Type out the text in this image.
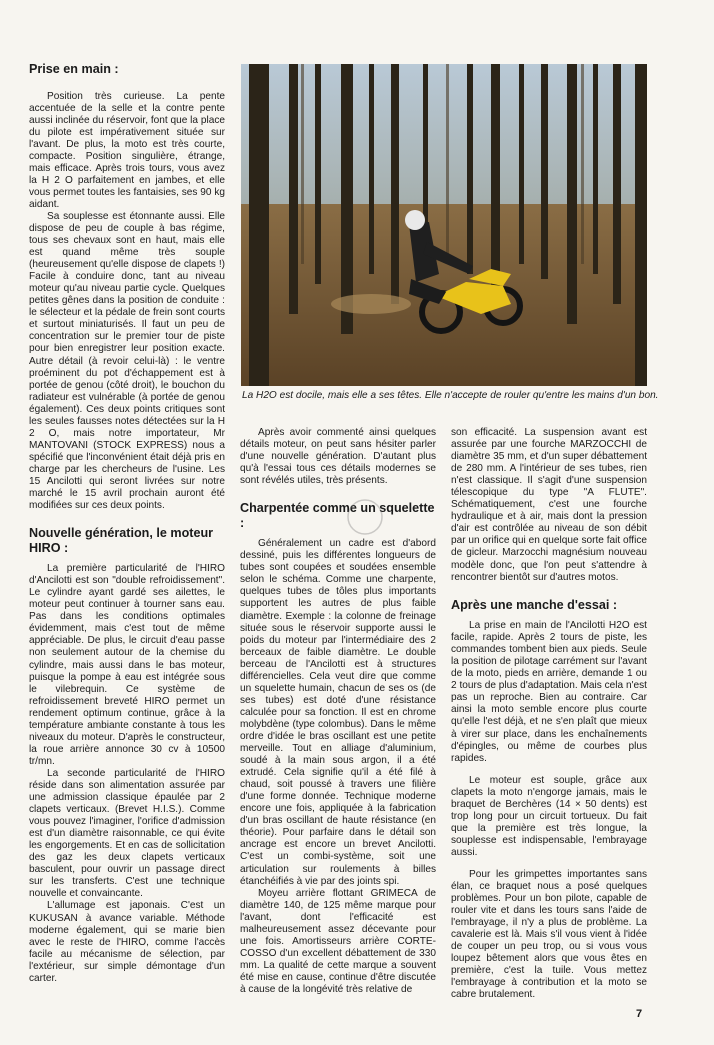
Prise en main :

Position très curieuse. La pente accentuée de la selle et la contre pente aussi inclinée du réservoir, font que la place du pilote est impérativement située sur l'avant. De plus, la moto est très courte, compacte. Position singulière, étrange, mais efficace. Après trois tours, vous avez la H 2 O parfaitement en jambes, et elle vous permet toutes les fantaisies, ses 90 kg aidant.

Sa souplesse est étonnante aussi. Elle dispose de peu de couple à bas régime, tous ses chevaux sont en haut, mais elle est quand même très souple (heureusement qu'elle dispose de clapets !) Facile à conduire donc, tant au niveau moteur qu'au niveau partie cycle. Quelques petites gênes dans la position de conduite : le sélecteur et la pédale de frein sont courts et surtout miniaturisés. Il faut un peu de concentration sur le premier tour de piste pour bien enregistrer leur position exacte. Autre détail (à revoir celui-là) : le ventre proéminent du pot d'échappement est à portée de genou (côté droit), le bouchon du radiateur est vulnérable (à portée de genou également). Ces deux points critiques sont les seules fausses notes détectées sur la H 2 O, mais notre importateur, Mr MANTOVANI (STOCK EXPRESS) nous a spécifié que l'inconvénient était déjà pris en charge par les chercheurs de l'usine. Les 15 Ancilotti qui seront livrées sur notre marché le 15 avril prochain auront été modifiées sur ces deux points.

Nouvelle génération, le moteur HIRO :

La première particularité de l'HIRO d'Ancilotti est son "double refroidissement". Le cylindre ayant gardé ses ailettes, le moteur peut continuer à tourner sans eau. Pas dans les conditions optimales évidemment, mais c'est tout de même appréciable. De plus, le circuit d'eau passe non seulement autour de la chemise du cylindre, mais aussi dans le bas moteur, puisque la pompe à eau est intégrée sous le vilebrequin. Ce système de refroidissement breveté HIRO permet un rendement optimum continue, grâce à la température ambiante constante à tous les niveaux du moteur. D'après le constructeur, la roue arrière annonce 30 cv à 10500 tr/mn.

La seconde particularité de l'HIRO réside dans son alimentation assurée par une admission classique épaulée par 2 clapets verticaux. (Brevet H.I.S.). Comme vous pouvez l'imaginer, l'orifice d'admission est d'un diamètre raisonnable, ce qui évite les engorgements. Et en cas de sollicitation des gaz les deux clapets verticaux basculent, pour ouvrir un passage direct sur les transferts. C'est une technique nouvelle et convaincante.

L'allumage est japonais. C'est un KUKUSAN à avance variable. Méthode moderne également, qui se marie bien avec le reste de l'HIRO, comme l'accès facile au mécanisme de sélection, par l'extérieur, sur simple démontage d'un carter.

La H2O est docile, mais elle a ses têtes. Elle n'accepte de rouler qu'entre les mains d'un bon.

Après avoir commenté ainsi quelques détails moteur, on peut sans hésiter parler d'une nouvelle génération. D'autant plus qu'à l'essai tous ces détails modernes se sont révélés utiles, très présents.

Charpentée comme un squelette :

Généralement un cadre est d'abord dessiné, puis les différentes longueurs de tubes sont coupées et soudées ensemble selon le schéma. Comme une charpente, quelques tubes de tôles plus importants supportent les autres de plus faible diamètre. Exemple : la colonne de freinage située sous le réservoir supporte aussi le poids du moteur par l'intermédiaire des 2 berceaux de faible diamètre. Le double berceau de l'Ancilotti est à structures différencielles. Cela veut dire que comme un squelette humain, chacun de ses os (de ses tubes) est doté d'une résistance calculée pour sa fonction. Il est en chrome molybdène (type colombus). Dans le même ordre d'idée le bras oscillant est une petite merveille. Tout en alliage d'aluminium, soudé à la main sous argon, il a été extrudé. Cela signifie qu'il a été filé à chaud, soit poussé à travers une filière d'une forme donnée. Technique moderne encore une fois, appliquée à la fabrication d'un bras oscillant de haute résistance (en théorie). Pour parfaire dans le détail son ancrage est encore un brevet Ancilotti. C'est un combi-système, soit une articulation sur roulements à billes étanchéifiés à vie par des joints spi.

Moyeu arrière flottant GRIMECA de diamètre 140, de 125 même marque pour l'avant, dont l'efficacité est malheureusement assez décevante pour une fois. Amortisseurs arrière CORTE-COSSO d'un excellent débattement de 330 mm. La qualité de cette marque a souvent été mise en cause, continue d'être discutée à cause de la longévité très relative de

son efficacité. La suspension avant est assurée par une fourche MARZOCCHI de diamètre 35 mm, et d'un super débattement de 280 mm. A l'intérieur de ses tubes, rien n'est classique. Il s'agit d'une suspension télescopique du type "A FLUTE". Schématiquement, c'est une fourche hydraulique et à air, mais dont la pression d'air est contrôlée au niveau de son débit par un orifice qui en quelque sorte fait office de gicleur. Marzocchi magnésium nouveau modèle donc, que l'on peut s'attendre à rencontrer bientôt sur d'autres motos.

Après une manche d'essai :

La prise en main de l'Ancilotti H2O est facile, rapide. Après 2 tours de piste, les commandes tombent bien aux pieds. Seule la position de pilotage carrément sur l'avant de la moto, pieds en arrière, demande 1 ou 2 tours de plus d'adaptation. Mais cela n'est pas un reproche. Bien au contraire. Car ainsi la moto semble encore plus courte qu'elle l'est déjà, et ne s'en plaît que mieux à virer sur place, dans les enchaînements d'épingles, ou même de courbes plus rapides.

Le moteur est souple, grâce aux clapets la moto n'engorge jamais, mais le braquet de Berchères (14 × 50 dents) est trop long pour un circuit tortueux. Du fait que la première est très longue, la souplesse est indispensable, l'embrayage aussi.

Pour les grimpettes importantes sans élan, ce braquet nous a posé quelques problèmes. Pour un bon pilote, capable de rouler vite et dans les tours sans l'aide de l'embrayage, il n'y a plus de problème. La cavalerie est là. Mais s'il vous vient à l'idée de couper un peu trop, ou si vous vous loupez bêtement alors que vous êtes en première, c'est la tuile. Vous mettez l'embrayage à contribution et la moto se cabre brutalement.

7
